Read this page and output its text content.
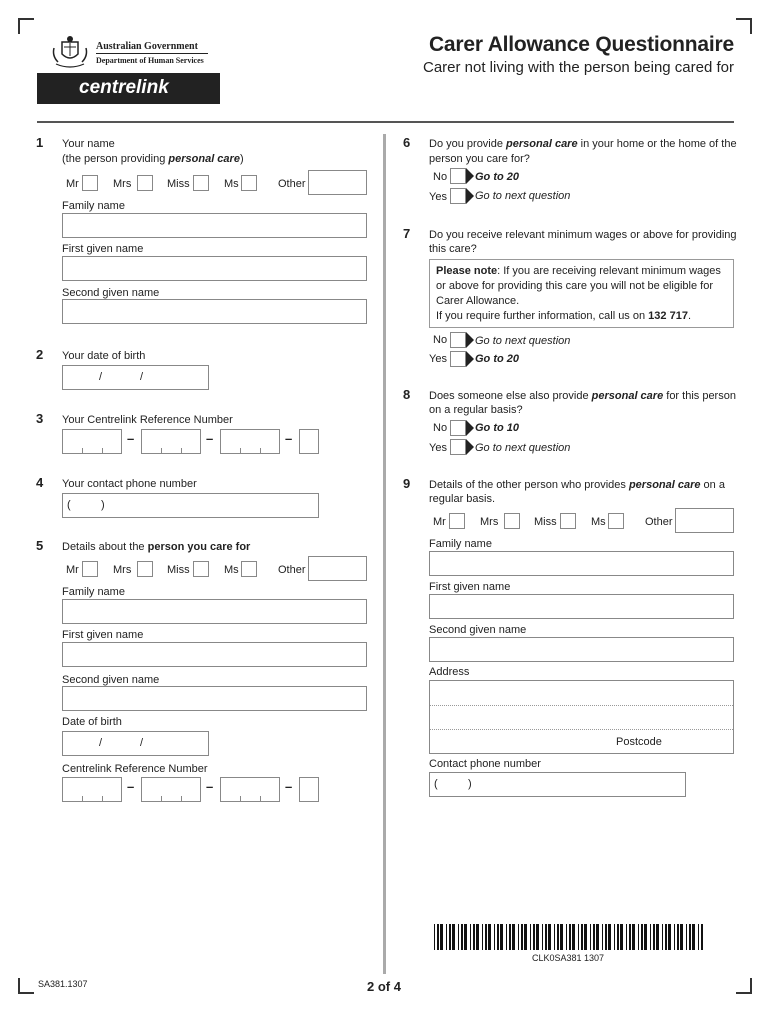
Australian Government
Department of Human Services
centrelink
Carer Allowance Questionnaire
Carer not living with the person being cared for
1 Your name
(the person providing personal care)
Mr	Mrs	Miss	Ms	Other
Family name
First given name
Second given name
2 Your date of birth
/	/
3 Your Centrelink Reference Number
–	–	–
4 Your contact phone number
(	)
5 Details about the person you care for
Mr	Mrs	Miss	Ms	Other
Family name
First given name
Second given name
Date of birth
/	/
Centrelink Reference Number
–	–	–
6 Do you provide personal care in your home or the home of the
person you care for?
No	Go to 20
Yes	Go to next question
7 Do you receive relevant minimum wages or above for providing
this care?
Please note: If you are receiving relevant minimum wages
or above for providing this care you will not be eligible for
Carer Allowance.
If you require further information, call us on 132 717.
No	Go to next question
Yes	Go to 20
8 Does someone else also provide personal care for this person
on a regular basis?
No	Go to 10
Yes	Go to next question
9 Details of the other person who provides personal care on a
regular basis.
Mr	Mrs	Miss	Ms	Other
Family name
First given name
Second given name
Address
Postcode
Contact phone number
(	)
CLK0SA381 1307
SA381.1307	2 of 4
